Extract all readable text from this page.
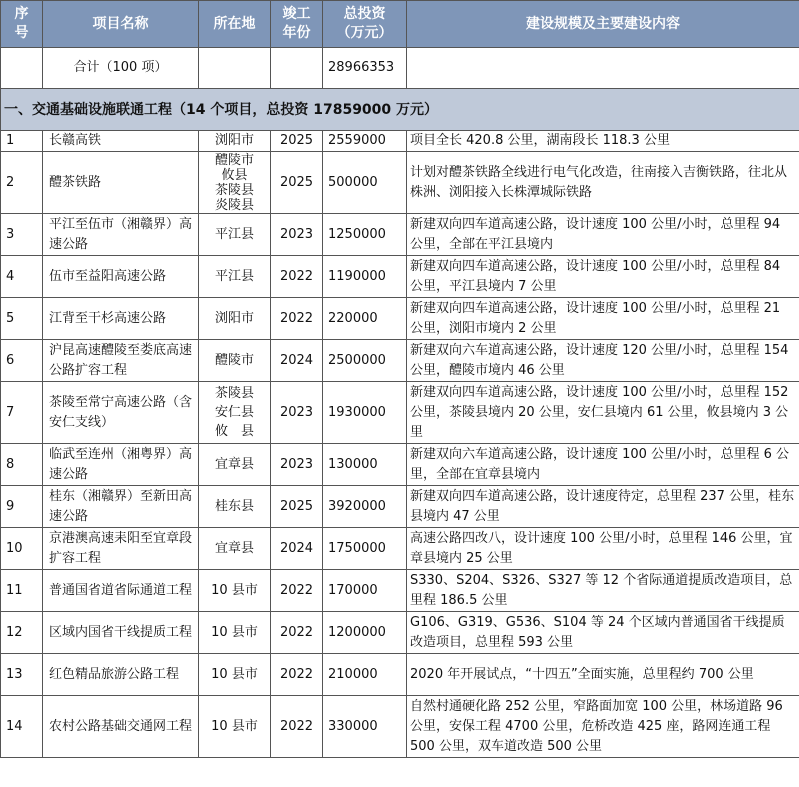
序号	项目名称	所在地	竣工年份	总投资（万元）	建设规模及主要建设内容
	合计（100 项）			28966353	
一、交通基础设施联通工程（14 个项目，总投资 17859000 万元）					
1	长赣高铁	浏阳市	2025	2559000	项目全长 420.8 公里，湖南段长 118.3 公里
2	醴茶铁路	醴陵市
攸县
茶陵县
炎陵县	2025	500000	计划对醴茶铁路全线进行电气化改造，往南接入吉衡铁路，往北从株洲、浏阳接入长株潭城际铁路
3	平江至伍市（湘赣界）高速公路	平江县	2023	1250000	新建双向四车道高速公路，设计速度 100 公里/小时，总里程 94 公里，全部在平江县境内
4	伍市至益阳高速公路	平江县	2022	1190000	新建双向四车道高速公路，设计速度 100 公里/小时，总里程 84 公里，平江县境内 7 公里
5	江背至干杉高速公路	浏阳市	2022	220000	新建双向四车道高速公路，设计速度 100 公里/小时，总里程 21 公里，浏阳市境内 2 公里
6	沪昆高速醴陵至娄底高速公路扩容工程	醴陵市	2024	2500000	新建双向六车道高速公路，设计速度 120 公里/小时，总里程 154 公里，醴陵市境内 46 公里
7	茶陵至常宁高速公路（含安仁支线）	茶陵县
安仁县
攸　县	2023	1930000	新建双向四车道高速公路，设计速度 100 公里/小时，总里程 152 公里，茶陵县境内 20 公里，安仁县境内 61 公里，攸县境内 3 公里
8	临武至连州（湘粤界）高速公路	宜章县	2023	130000	新建双向六车道高速公路，设计速度 100 公里/小时，总里程 6 公里，全部在宜章县境内
9	桂东（湘赣界）至新田高速公路	桂东县	2025	3920000	新建双向四车道高速公路，设计速度待定，总里程 237 公里，桂东县境内 47 公里
10	京港澳高速耒阳至宜章段扩容工程	宜章县	2024	1750000	高速公路四改八，设计速度 100 公里/小时，总里程 146 公里，宜章县境内 25 公里
11	普通国省道省际通道工程	10 县市	2022	170000	S330、S204、S326、S327 等 12 个省际通道提质改造项目，总里程 186.5 公里
12	区域内国省干线提质工程	10 县市	2022	1200000	G106、G319、G536、S104 等 24 个区域内普通国省干线提质改造项目，总里程 593 公里
13	红色精品旅游公路工程	10 县市	2022	210000	2020 年开展试点，“十四五”全面实施，总里程约 700 公里
14	农村公路基础交通网工程	10 县市	2022	330000	自然村通硬化路 252 公里，窄路面加宽 100 公里，林场道路 96 公里，安保工程 4700 公里，危桥改造 425 座，路网连通工程 500 公里，双车道改造 500 公里
